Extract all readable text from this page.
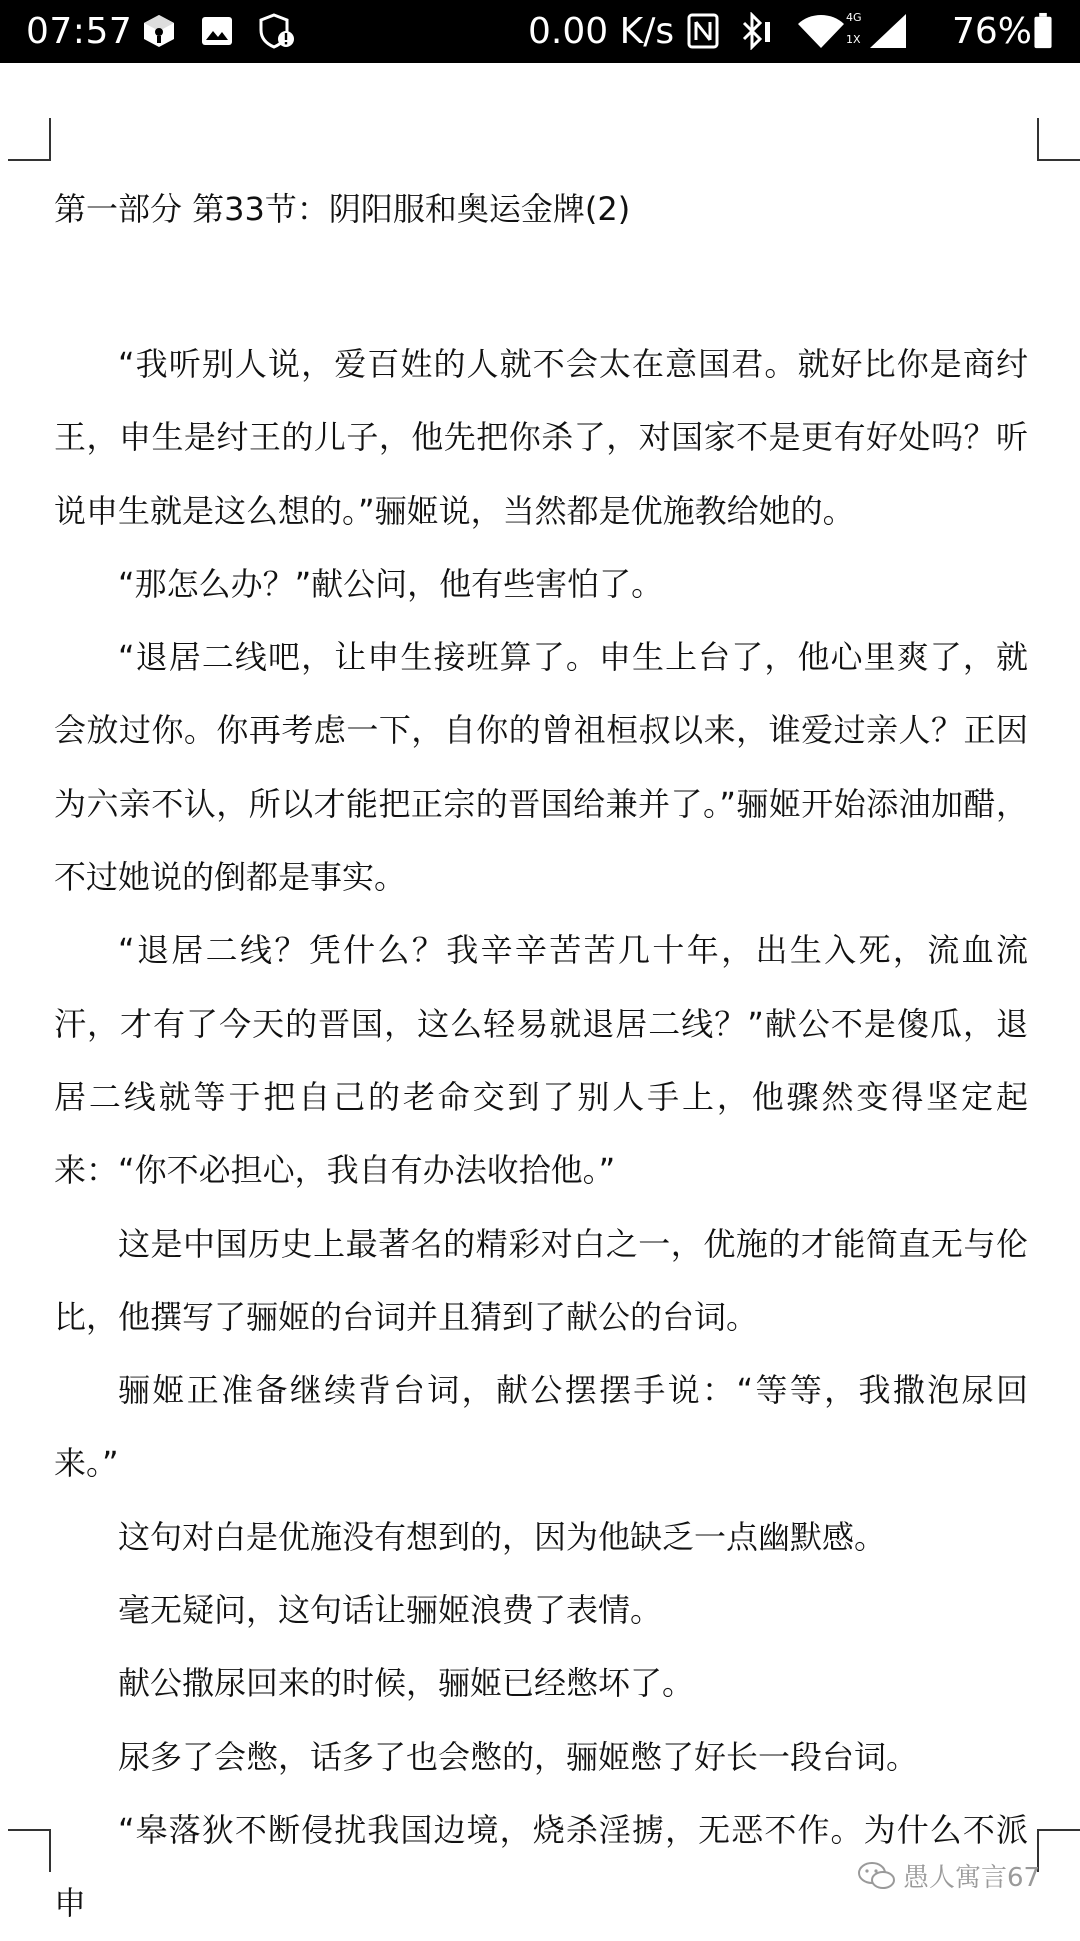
07:57	0.00 K/s	4G
1X	76%
第一部分 第33节：阴阳服和奥运金牌(2)

“我听别人说，爱百姓的人就不会太在意国君。就好比你是商纣王，申生是纣王的儿子，他先把你杀了，对国家不是更有好处吗？听说申生就是这么想的。”骊姬说，当然都是优施教给她的。

“那怎么办？”献公问，他有些害怕了。

“退居二线吧，让申生接班算了。申生上台了，他心里爽了，就会放过你。你再考虑一下，自你的曾祖桓叔以来，谁爱过亲人？正因为六亲不认，所以才能把正宗的晋国给兼并了。”骊姬开始添油加醋，不过她说的倒都是事实。

“退居二线？凭什么？我辛辛苦苦几十年，出生入死，流血流汗，才有了今天的晋国，这么轻易就退居二线？”献公不是傻瓜，退居二线就等于把自己的老命交到了别人手上，他骤然变得坚定起来：“你不必担心，我自有办法收拾他。”

这是中国历史上最著名的精彩对白之一，优施的才能简直无与伦比，他撰写了骊姬的台词并且猜到了献公的台词。

骊姬正准备继续背台词，献公摆摆手说：“等等，我撒泡尿回来。”

这句对白是优施没有想到的，因为他缺乏一点幽默感。

毫无疑问，这句话让骊姬浪费了表情。

献公撒尿回来的时候，骊姬已经憋坏了。

尿多了会憋，话多了也会憋的，骊姬憋了好长一段台词。

“皋落狄不断侵扰我国边境，烧杀淫掳，无恶不作。为什么不派申

愚人寓言67
